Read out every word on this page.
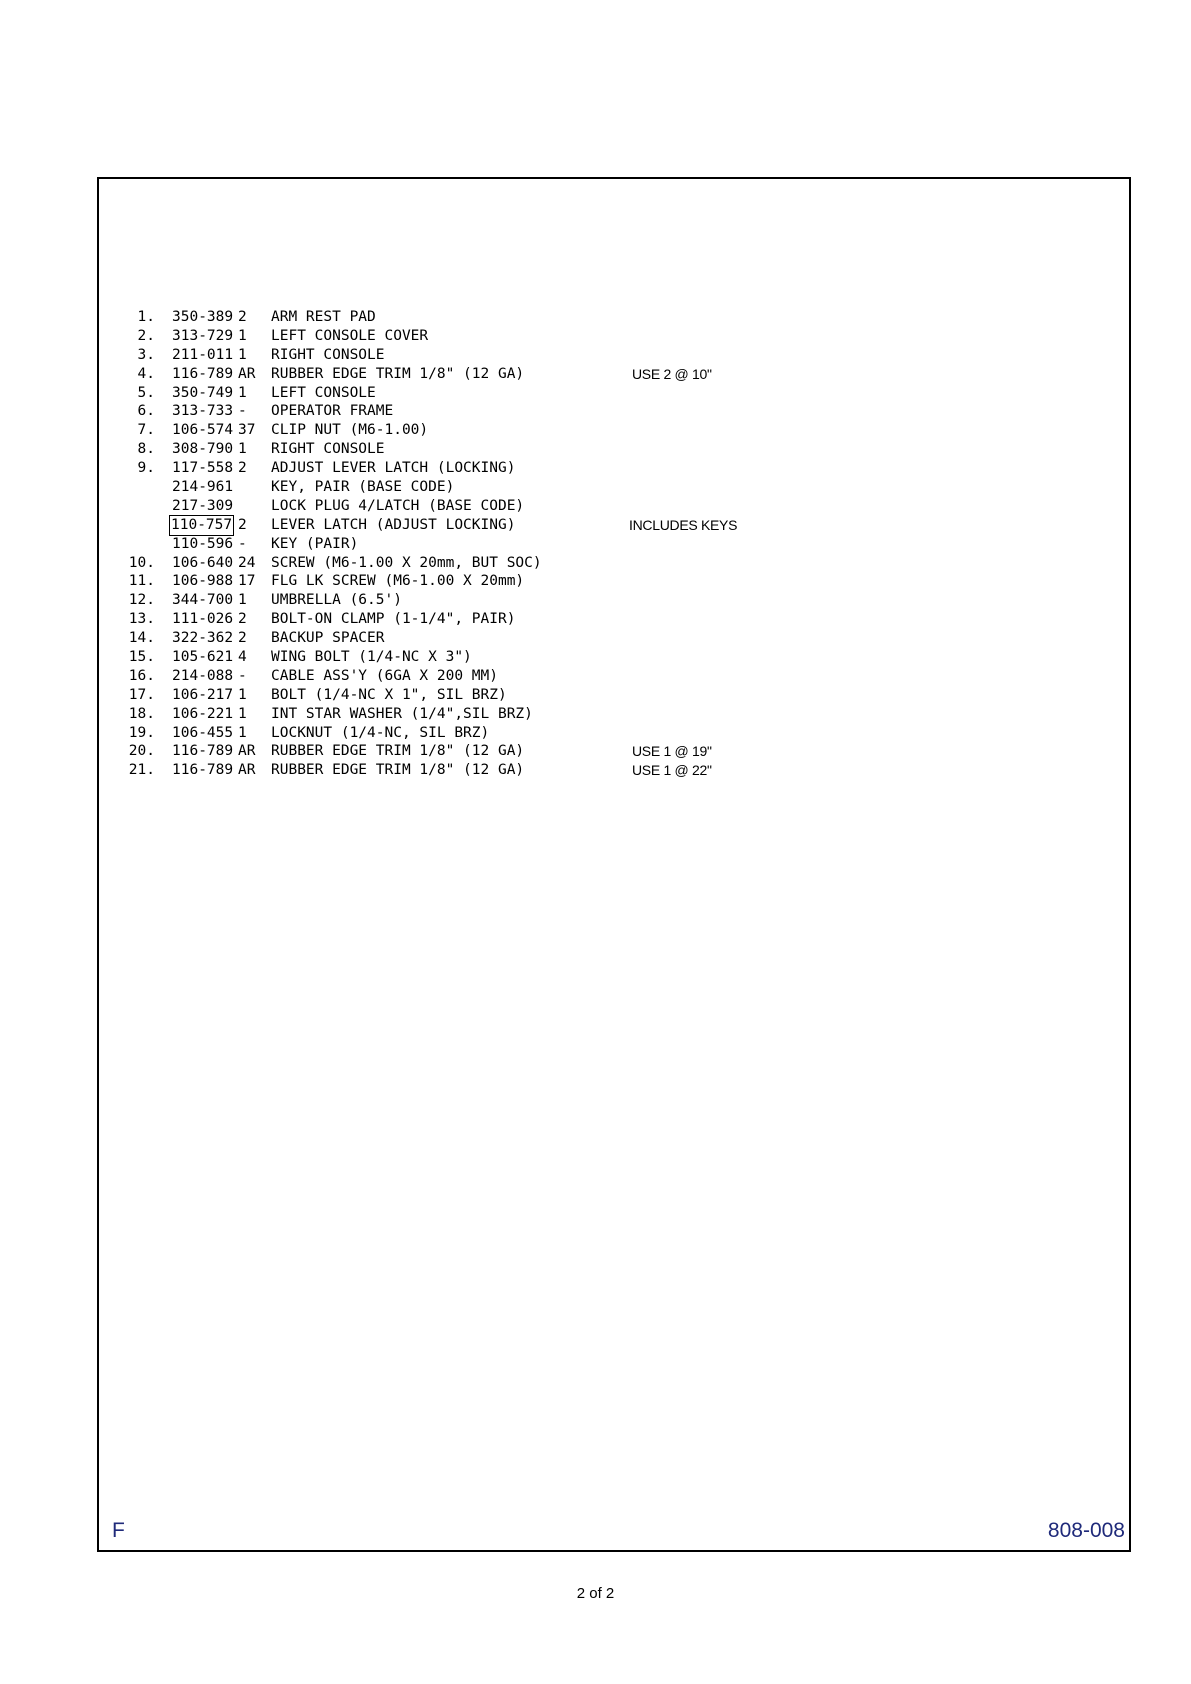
1. 350-389 2 ARM REST PAD
2. 313-729 1 LEFT CONSOLE COVER
3. 211-011 1 RIGHT CONSOLE
4. 116-789 AR RUBBER EDGE TRIM 1/8" (12 GA)	USE 2 @ 10"
5. 350-749 1 LEFT CONSOLE
6. 313-733 - OPERATOR FRAME
7. 106-574 37 CLIP NUT (M6-1.00)
8. 308-790 1 RIGHT CONSOLE
9. 117-558 2 ADJUST LEVER LATCH (LOCKING)
214-961	KEY, PAIR (BASE CODE)
217-309	LOCK PLUG 4/LATCH (BASE CODE)
110-757 2 LEVER LATCH (ADJUST LOCKING)	INCLUDES KEYS
110-596 - KEY (PAIR)
10. 106-640 24 SCREW (M6-1.00 X 20mm, BUT SOC)
11. 106-988 17 FLG LK SCREW (M6-1.00 X 20mm)
12. 344-700 1 UMBRELLA (6.5')
13. 111-026 2 BOLT-ON CLAMP (1-1/4", PAIR)
14. 322-362 2 BACKUP SPACER
15. 105-621 4 WING BOLT (1/4-NC X 3")
16. 214-088 - CABLE ASS'Y (6GA X 200 MM)
17. 106-217 1 BOLT (1/4-NC X 1", SIL BRZ)
18. 106-221 1 INT STAR WASHER (1/4",SIL BRZ)
19. 106-455 1 LOCKNUT (1/4-NC, SIL BRZ)
20. 116-789 AR RUBBER EDGE TRIM 1/8" (12 GA)	USE 1 @ 19"
21. 116-789 AR RUBBER EDGE TRIM 1/8" (12 GA)	USE 1 @ 22"
F	808-008
2 of 2
